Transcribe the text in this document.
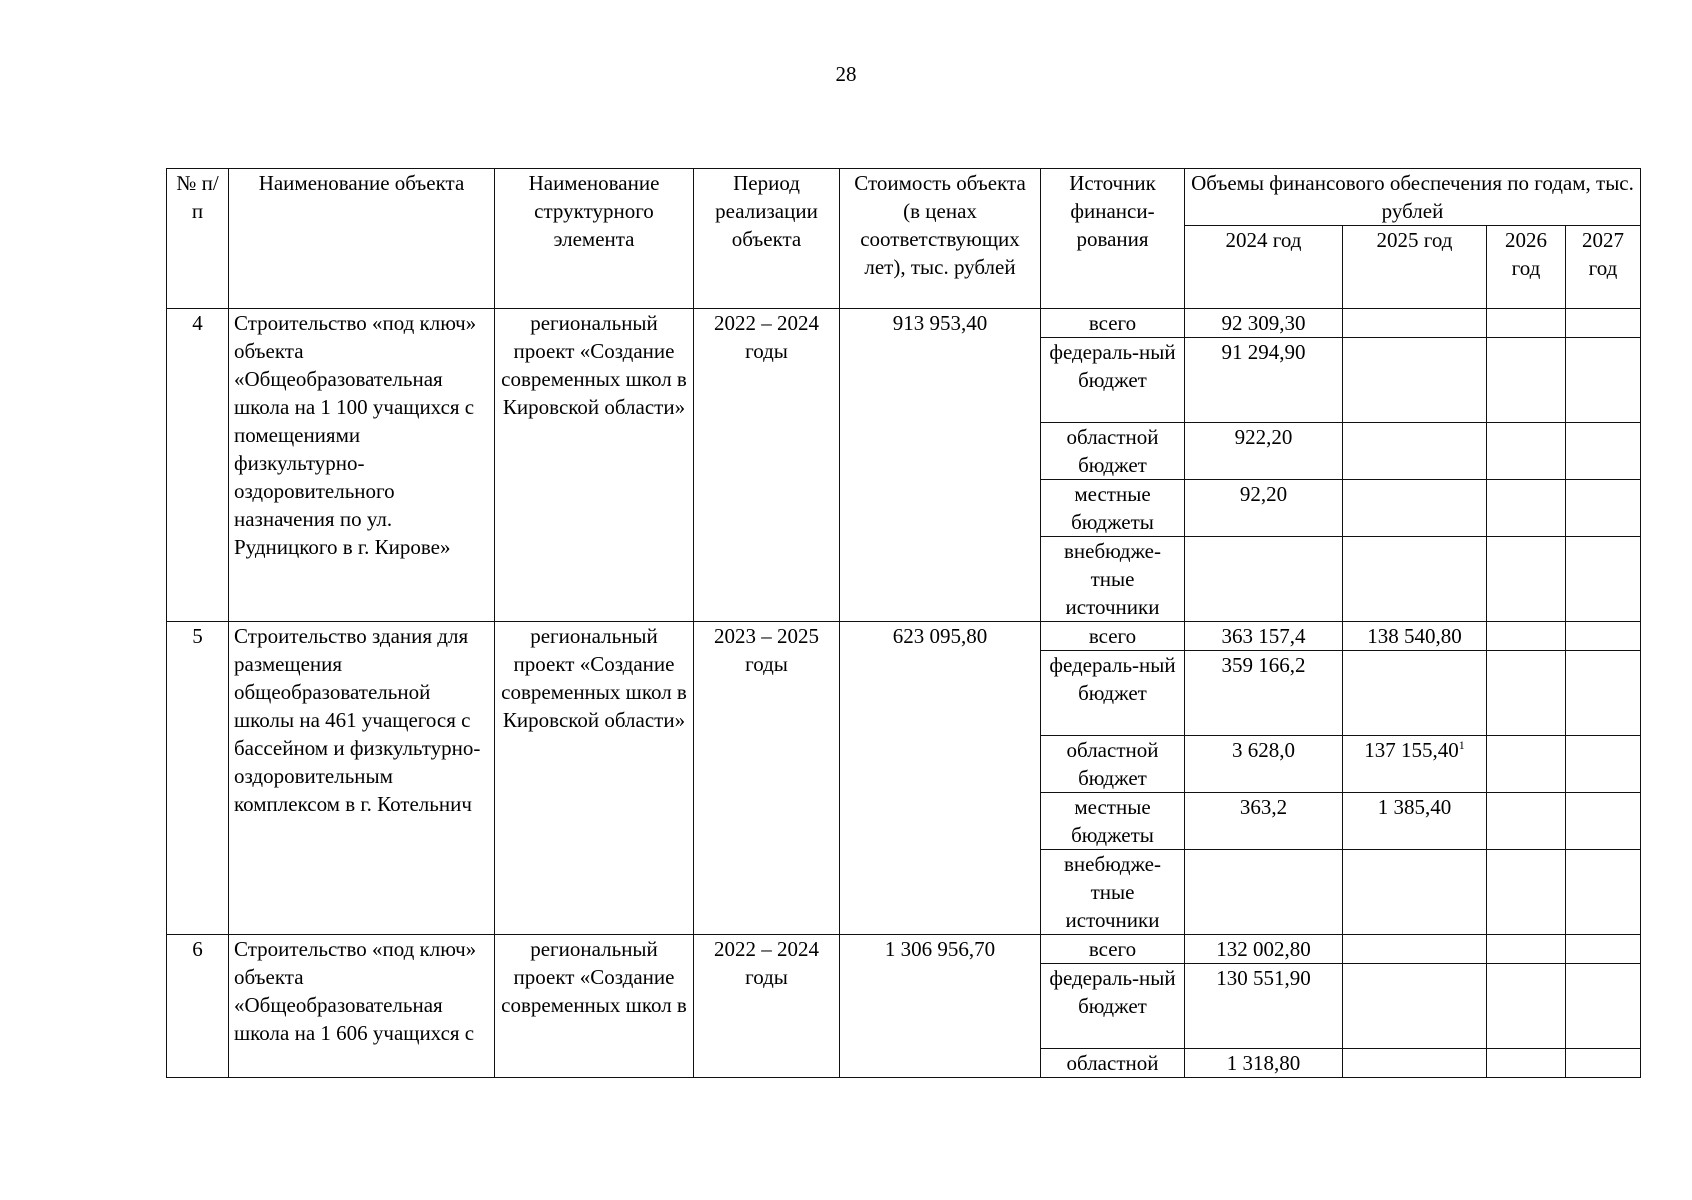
28
№ п/п	Наименование объекта	Наименование структурного элемента	Период реализации объекта	Стоимость объекта (в ценах соответствующих лет), тыс. рублей	Источник финанси-рования	Объемы финансового обеспечения по годам, тыс. рублей			
						2024 год	2025 год	2026 год	2027 год
4	Строительство «под ключ» объекта «Общеобразовательная школа на 1 100 учащихся с помещениями физкультурно-оздоровительного назначения по ул. Рудницкого в г. Кирове»	региональный проект «Создание современных школ в Кировской области»	2022 – 2024 годы	913 953,40	всего	92 309,30			
					федераль-ный бюджет	91 294,90			
					областной бюджет	922,20			
					местные бюджеты	92,20			
					внебюдже-тные источники				
5	Строительство здания для размещения общеобразовательной школы на 461 учащегося с бассейном и физкультурно-оздоровительным комплексом в г. Котельнич	региональный проект «Создание современных школ в Кировской области»	2023 – 2025 годы	623 095,80	всего	363 157,4	138 540,80		
					федераль-ный бюджет	359 166,2			
					областной бюджет	3 628,0	137 155,40$^1$		
					местные бюджеты	363,2	1 385,40		
					внебюдже-тные источники				
6	Строительство «под ключ» объекта «Общеобразовательная школа на 1 606 учащихся с	региональный проект «Создание современных школ в	2022 – 2024 годы	1 306 956,70	всего	132 002,80			
					федераль-ный бюджет	130 551,90			
					областной	1 318,80			
